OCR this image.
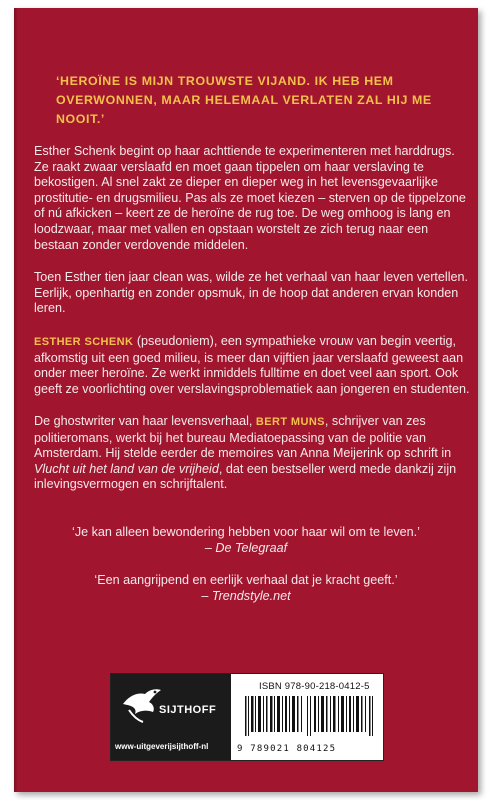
‘HEROÏNE IS MIJN TROUWSTE VIJAND. IK HEB HEM OVERWONNEN, MAAR HELEMAAL VERLATEN ZAL HIJ ME NOOIT.’

Esther Schenk begint op haar achttiende te experimenteren met harddrugs. Ze raakt zwaar verslaafd en moet gaan tippelen om haar verslaving te bekostigen. Al snel zakt ze dieper en dieper weg in het levensgevaarlijke prostitutie- en drugsmilieu. Pas als ze moet kiezen – sterven op de tippelzone of nú afkicken – keert ze de heroïne de rug toe. De weg omhoog is lang en loodzwaar, maar met vallen en opstaan worstelt ze zich terug naar een bestaan zonder verdovende middelen.

Toen Esther tien jaar clean was, wilde ze het verhaal van haar leven vertellen. Eerlijk, openhartig en zonder opsmuk, in de hoop dat anderen ervan konden leren.

ESTHER SCHENK (pseudoniem), een sympathieke vrouw van begin veertig, afkomstig uit een goed milieu, is meer dan vijftien jaar verslaafd geweest aan onder meer heroïne. Ze werkt inmiddels fulltime en doet veel aan sport. Ook geeft ze voorlichting over verslavingsproblematiek aan jongeren en studenten.

De ghostwriter van haar levensverhaal, BERT MUNS, schrijver van zes politieromans, werkt bij het bureau Mediatoepassing van de politie van Amsterdam. Hij stelde eerder de memoires van Anna Meijerink op schrift in Vlucht uit het land van de vrijheid, dat een bestseller werd mede dankzij zijn inlevingsvermogen en schrijftalent.

‘Je kan alleen bewondering hebben voor haar wil om te leven.’
– De Telegraaf
‘Een aangrijpend en eerlijk verhaal dat je kracht geeft.’
– Trendstyle.net
SIJTHOFF
www-uitgeverijsijthoff-nl
ISBN 978-90-218-0412-5
9 789021 804125
